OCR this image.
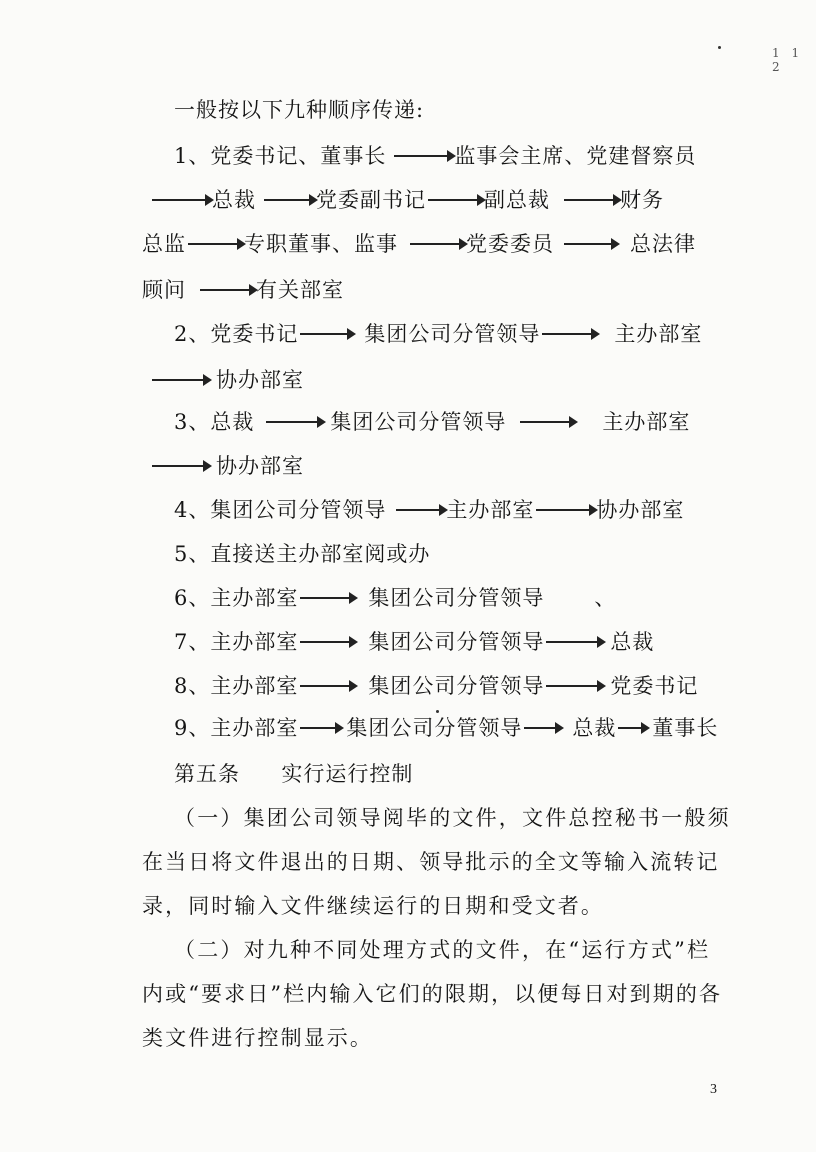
1 1 2
一般按以下九种顺序传递:
1、 党委书记、董事长	监事会主席、党建督察员
总裁	党委副书记	副总裁	财务
总监	专职董事、监事	党委委员	总法律
顾问	有关部室
2、 党委书记	集团公司分管领导	主办部室
协办部室
3、 总裁	集团公司分管领导	主办部室
协办部室
4、 集团公司分管领导	主办部室	协办部室
5、 直接送主办部室阅或办
6、 主办部室	集团公司分管领导 、
7、 主办部室	集团公司分管领导	总裁
8、 主办部室	集团公司分管领导	党委书记
9、 主办部室 集团公司分管领导 总裁 董事长
第五条 实行运行控制
（一）集团公司领导阅毕的文件，文件总控秘书一般须
在当日将文件退出的日期、领导批示的全文等输入流转记
录，同时输入文件继续运行的日期和受文者。
（二）对九种不同处理方式的文件，在“运行方式”栏
内或“要求日”栏内输入它们的限期，以便每日对到期的各
类文件进行控制显示。
3
